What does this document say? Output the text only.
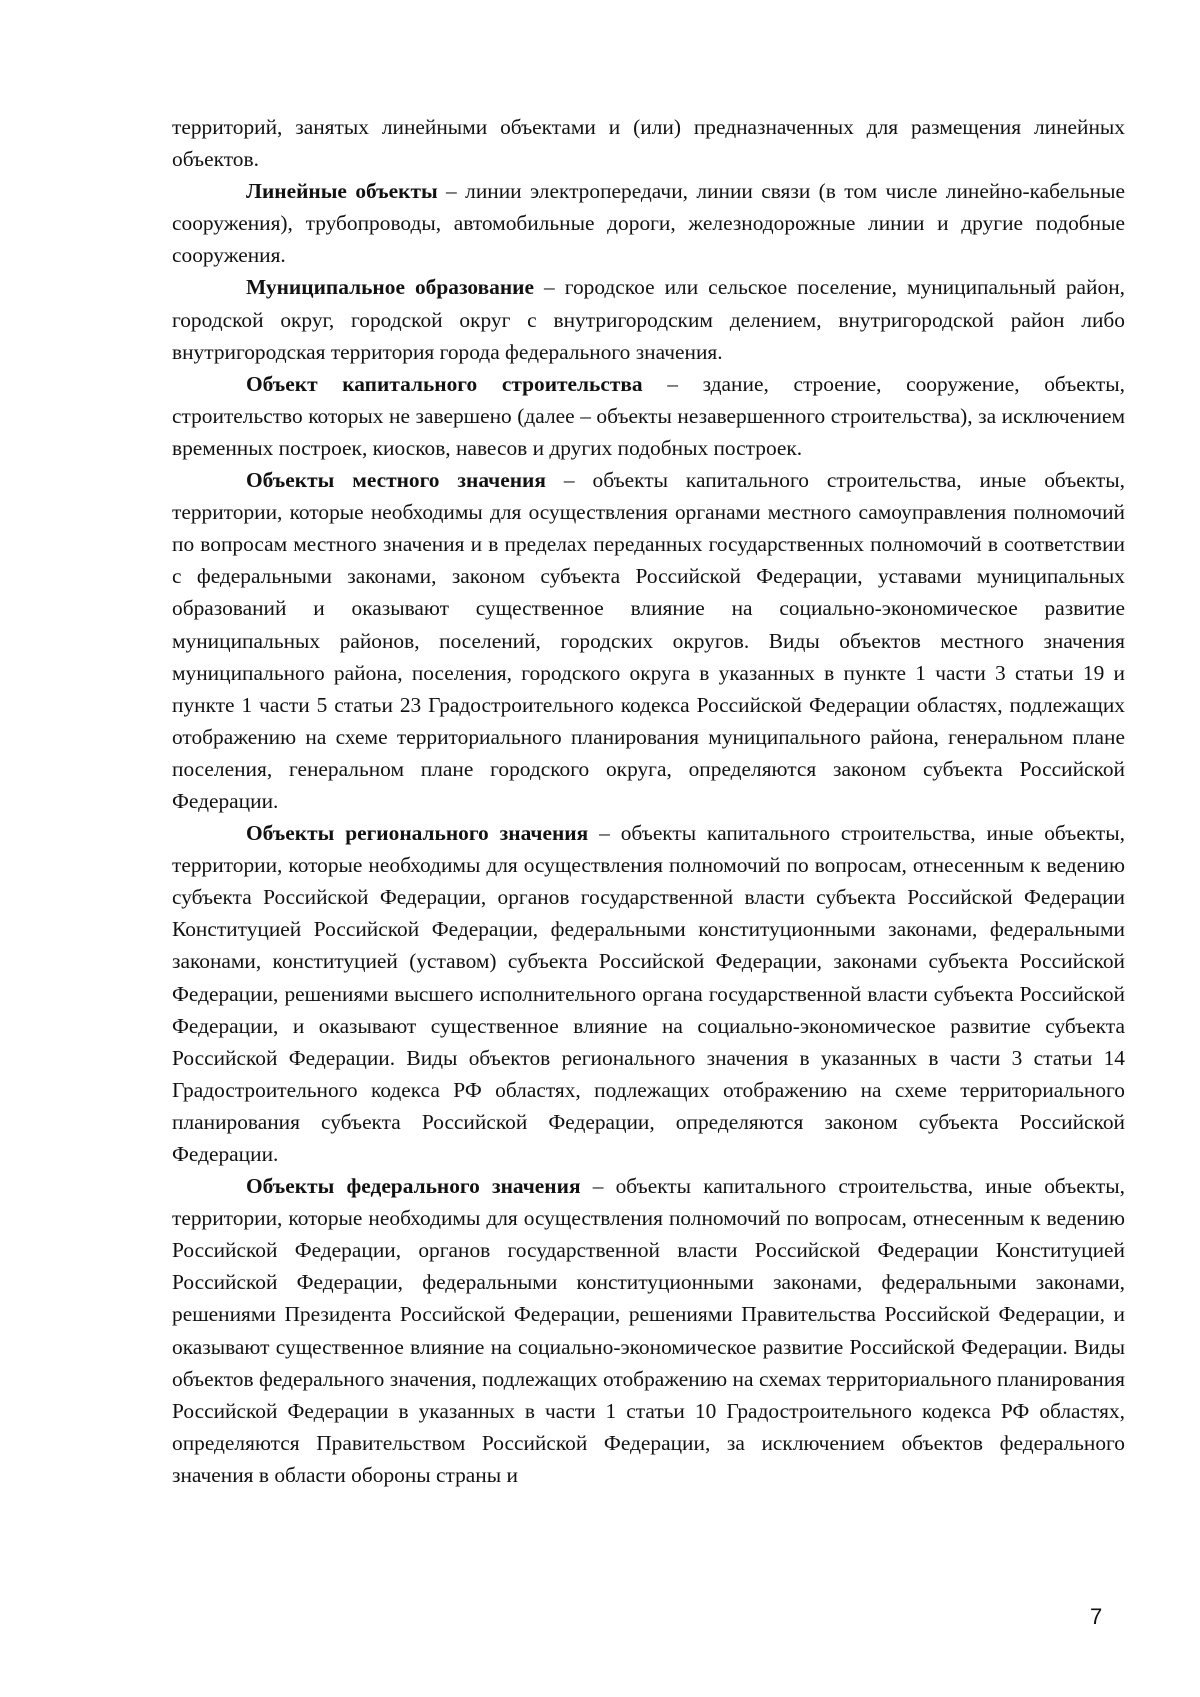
территорий, занятых линейными объектами и (или) предназначенных для размещения линейных объектов.

Линейные объекты – линии электропередачи, линии связи (в том числе линейно-кабельные сооружения), трубопроводы, автомобильные дороги, железнодорожные линии и другие подобные сооружения.

Муниципальное образование – городское или сельское поселение, муниципальный район, городской округ, городской округ с внутригородским делением, внутригородской район либо внутригородская территория города федерального значения.

Объект капитального строительства – здание, строение, сооружение, объекты, строительство которых не завершено (далее – объекты незавершенного строительства), за исключением временных построек, киосков, навесов и других подобных построек.

Объекты местного значения – объекты капитального строительства, иные объекты, территории, которые необходимы для осуществления органами местного самоуправления полномочий по вопросам местного значения и в пределах переданных государственных полномочий в соответствии с федеральными законами, законом субъекта Российской Федерации, уставами муниципальных образований и оказывают существенное влияние на социально-экономическое развитие муниципальных районов, поселений, городских округов. Виды объектов местного значения муниципального района, поселения, городского округа в указанных в пункте 1 части 3 статьи 19 и пункте 1 части 5 статьи 23 Градостроительного кодекса Российской Федерации областях, подлежащих отображению на схеме территориального планирования муниципального района, генеральном плане поселения, генеральном плане городского округа, определяются законом субъекта Российской Федерации.

Объекты регионального значения – объекты капитального строительства, иные объекты, территории, которые необходимы для осуществления полномочий по вопросам, отнесенным к ведению субъекта Российской Федерации, органов государственной власти субъекта Российской Федерации Конституцией Российской Федерации, федеральными конституционными законами, федеральными законами, конституцией (уставом) субъекта Российской Федерации, законами субъекта Российской Федерации, решениями высшего исполнительного органа государственной власти субъекта Российской Федерации, и оказывают существенное влияние на социально-экономическое развитие субъекта Российской Федерации. Виды объектов регионального значения в указанных в части 3 статьи 14 Градостроительного кодекса РФ областях, подлежащих отображению на схеме территориального планирования субъекта Российской Федерации, определяются законом субъекта Российской Федерации.

Объекты федерального значения – объекты капитального строительства, иные объекты, территории, которые необходимы для осуществления полномочий по вопросам, отнесенным к ведению Российской Федерации, органов государственной власти Российской Федерации Конституцией Российской Федерации, федеральными конституционными законами, федеральными законами, решениями Президента Российской Федерации, решениями Правительства Российской Федерации, и оказывают существенное влияние на социально-экономическое развитие Российской Федерации. Виды объектов федерального значения, подлежащих отображению на схемах территориального планирования Российской Федерации в указанных в части 1 статьи 10 Градостроительного кодекса РФ областях, определяются Правительством Российской Федерации, за исключением объектов федерального значения в области обороны страны и

7
